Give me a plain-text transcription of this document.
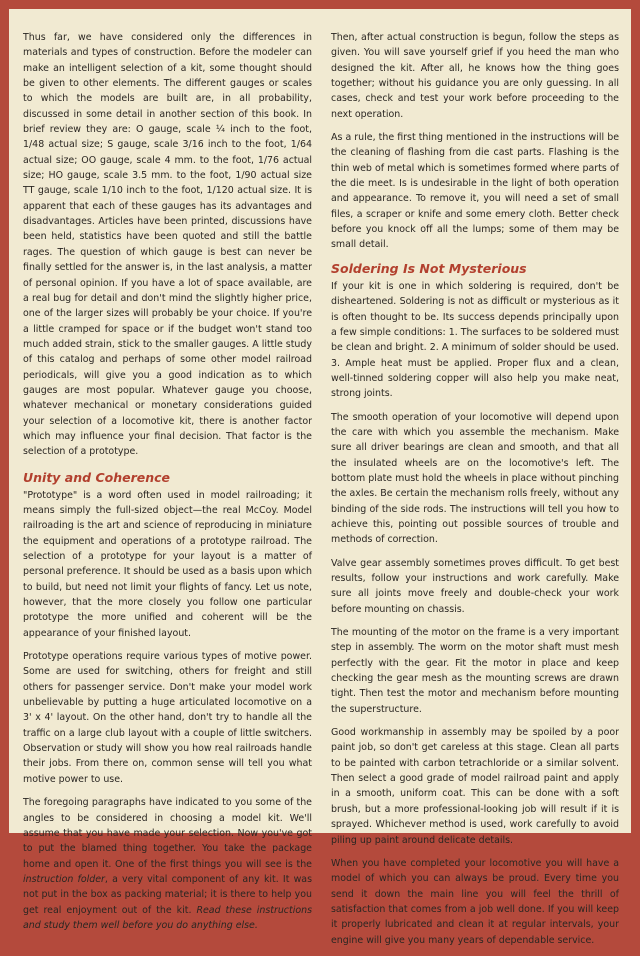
Thus far, we have considered only the differences in materials and types of construction. Before the modeler can make an intelligent selection of a kit, some thought should be given to other elements. The different gauges or scales to which the models are built are, in all probability, discussed in some detail in another section of this book. In brief review they are: O gauge, scale ¼ inch to the foot, 1/48 actual size; S gauge, scale 3/16 inch to the foot, 1/64 actual size; OO gauge, scale 4 mm. to the foot, 1/76 actual size; HO gauge, scale 3.5 mm. to the foot, 1/90 actual size TT gauge, scale 1/10 inch to the foot, 1/120 actual size. It is apparent that each of these gauges has its advantages and disadvantages. Articles have been printed, discussions have been held, statistics have been quoted and still the battle rages. The question of which gauge is best can never be finally settled for the answer is, in the last analysis, a matter of personal opinion. If you have a lot of space available, are a real bug for detail and don't mind the slightly higher price, one of the larger sizes will probably be your choice. If you're a little cramped for space or if the budget won't stand too much added strain, stick to the smaller gauges. A little study of this catalog and perhaps of some other model railroad periodicals, will give you a good indication as to which gauges are most popular. Whatever gauge you choose, whatever mechanical or monetary considerations guided your selection of a locomotive kit, there is another factor which may influence your final decision. That factor is the selection of a prototype.

Unity and Coherence

"Prototype" is a word often used in model railroading; it means simply the full-sized object—the real McCoy. Model railroading is the art and science of reproducing in miniature the equipment and operations of a prototype railroad. The selection of a prototype for your layout is a matter of personal preference. It should be used as a basis upon which to build, but need not limit your flights of fancy. Let us note, however, that the more closely you follow one particular prototype the more unified and coherent will be the appearance of your finished layout.

Prototype operations require various types of motive power. Some are used for switching, others for freight and still others for passenger service. Don't make your model work unbelievable by putting a huge articulated locomotive on a 3' x 4' layout. On the other hand, don't try to handle all the traffic on a large club layout with a couple of little switchers. Observation or study will show you how real railroads handle their jobs. From there on, common sense will tell you what motive power to use.

The foregoing paragraphs have indicated to you some of the angles to be considered in choosing a model kit. We'll assume that you have made your selection. Now you've got to put the blamed thing together. You take the package home and open it. One of the first things you will see is the instruction folder, a very vital component of any kit. It was not put in the box as packing material; it is there to help you get real enjoyment out of the kit. Read these instructions and study them well before you do anything else.

Then, after actual construction is begun, follow the steps as given. You will save yourself grief if you heed the man who designed the kit. After all, he knows how the thing goes together; without his guidance you are only guessing. In all cases, check and test your work before proceeding to the next operation.

As a rule, the first thing mentioned in the instructions will be the cleaning of flashing from die cast parts. Flashing is the thin web of metal which is sometimes formed where parts of the die meet. Is is undesirable in the light of both operation and appearance. To remove it, you will need a set of small files, a scraper or knife and some emery cloth. Better check before you knock off all the lumps; some of them may be small detail.

Soldering Is Not Mysterious

If your kit is one in which soldering is required, don't be disheartened. Soldering is not as difficult or mysterious as it is often thought to be. Its success depends principally upon a few simple conditions: 1. The surfaces to be soldered must be clean and bright. 2. A minimum of solder should be used. 3. Ample heat must be applied. Proper flux and a clean, well-tinned soldering copper will also help you make neat, strong joints.

The smooth operation of your locomotive will depend upon the care with which you assemble the mechanism. Make sure all driver bearings are clean and smooth, and that all the insulated wheels are on the locomotive's left. The bottom plate must hold the wheels in place without pinching the axles. Be certain the mechanism rolls freely, without any binding of the side rods. The instructions will tell you how to achieve this, pointing out possible sources of trouble and methods of correction.

Valve gear assembly sometimes proves difficult. To get best results, follow your instructions and work carefully. Make sure all joints move freely and double-check your work before mounting on chassis.

The mounting of the motor on the frame is a very important step in assembly. The worm on the motor shaft must mesh perfectly with the gear. Fit the motor in place and keep checking the gear mesh as the mounting screws are drawn tight. Then test the motor and mechanism before mounting the superstructure.

Good workmanship in assembly may be spoiled by a poor paint job, so don't get careless at this stage. Clean all parts to be painted with carbon tetrachloride or a similar solvent. Then select a good grade of model railroad paint and apply in a smooth, uniform coat. This can be done with a soft brush, but a more professional-looking job will result if it is sprayed. Whichever method is used, work carefully to avoid piling up paint around delicate details.

When you have completed your locomotive you will have a model of which you can always be proud. Every time you send it down the main line you will feel the thrill of satisfaction that comes from a job well done. If you will keep it properly lubricated and clean it at regular intervals, your engine will give you many years of dependable service.
